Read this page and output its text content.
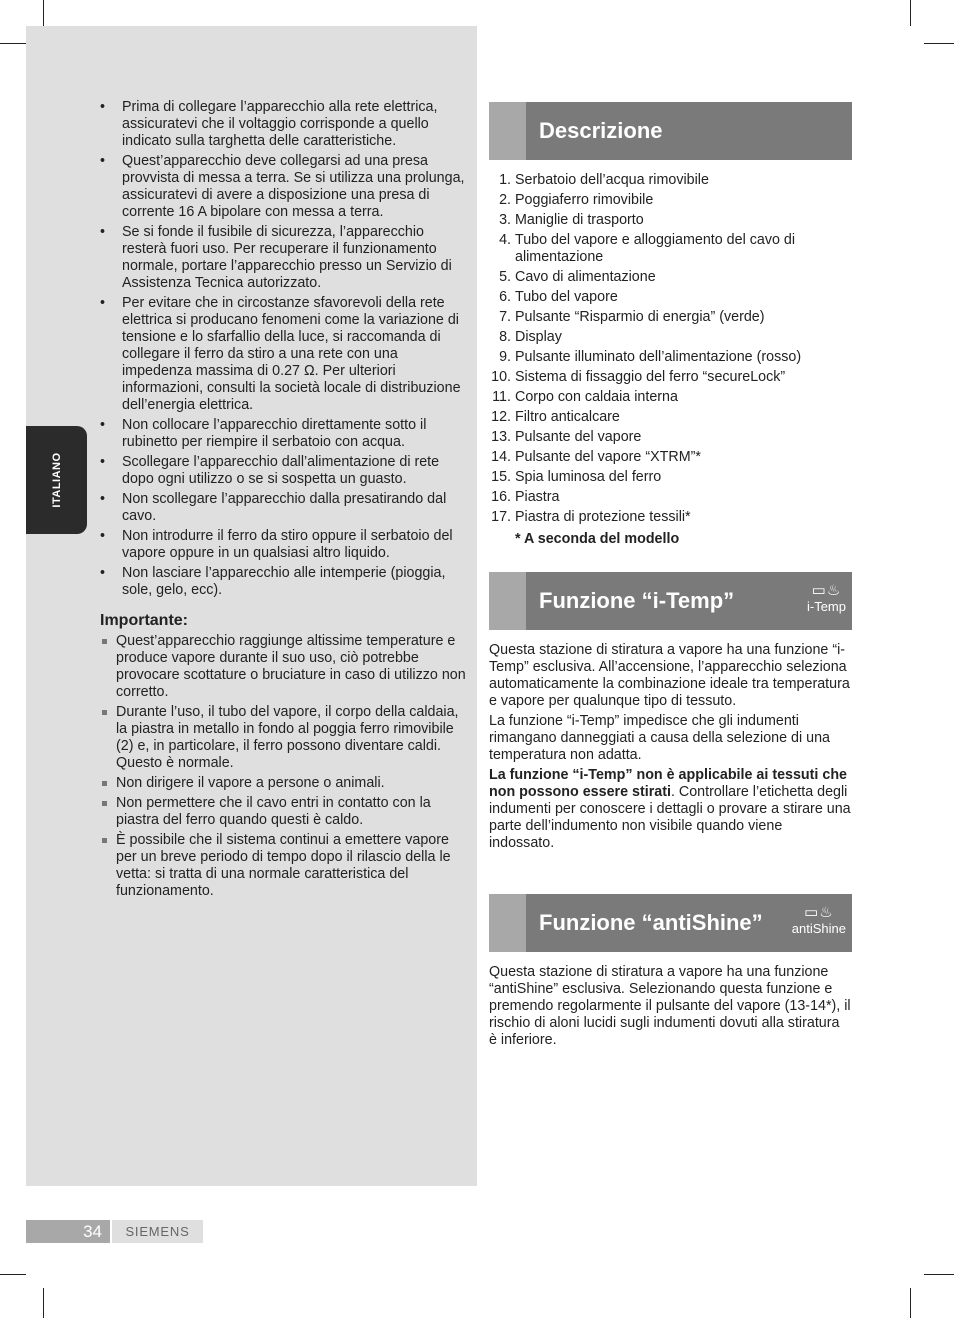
ITALIANO
• Prima di collegare l’apparecchio alla rete elettrica, assicuratevi che il voltaggio corrisponde a quello indicato sulla targhetta delle caratteristiche.
• Quest’apparecchio deve collegarsi ad una presa provvista di messa a terra. Se si utilizza una prolunga, assicuratevi di avere a disposizione una presa di corrente 16 A bipolare con messa a terra.
• Se si fonde il fusibile di sicurezza, l’apparecchio resterà fuori uso. Per recuperare il funzionamento normale, portare l’apparecchio presso un Servizio di Assistenza Tecnica autorizzato.
• Per evitare che in circostanze sfavorevoli della rete elettrica si producano fenomeni come la variazione di tensione e lo sfarfallio della luce, si raccomanda di collegare il ferro da stiro a una rete con una impedenza massima di 0.27 Ω. Per ulteriori informazioni, consulti la società locale di distribuzione dell’energia elettrica.
• Non collocare l’apparecchio direttamente sotto il rubinetto per riempire il serbatoio con acqua.
• Scollegare l’apparecchio dall’alimentazione di rete dopo ogni utilizzo o se si sospetta un guasto.
• Non scollegare l’apparecchio dalla presatirando dal cavo.
• Non introdurre il ferro da stiro oppure il serbatoio del vapore oppure in un qualsiasi altro liquido.
• Non lasciare l’apparecchio alle intemperie (pioggia, sole, gelo, ecc).
Importante:
Quest’apparecchio raggiunge altissime temperature e produce vapore durante il suo uso, ciò potrebbe provocare scottature o bruciature in caso di utilizzo non corretto.
Durante l’uso, il tubo del vapore, il corpo della caldaia, la piastra in metallo in fondo al poggia ferro rimovibile (2) e, in particolare, il ferro possono diventare caldi. Questo è normale.
Non dirigere il vapore a persone o animali.
Non permettere che il cavo entri in contatto con la piastra del ferro quando questi è caldo.
È possibile che il sistema continui a emettere vapore per un breve periodo di tempo dopo il rilascio della le vetta: si tratta di una normale caratteristica del funzionamento.
Descrizione
1. Serbatoio dell’acqua rimovibile
2. Poggiaferro rimovibile
3. Maniglie di trasporto
4. Tubo del vapore e alloggiamento del cavo di alimentazione
5. Cavo di alimentazione
6. Tubo del vapore
7. Pulsante “Risparmio di energia” (verde)
8. Display
9. Pulsante illuminato dell’alimentazione (rosso)
10. Sistema di fissaggio del ferro “secureLock”
11. Corpo con caldaia interna
12. Filtro anticalcare
13. Pulsante del vapore
14. Pulsante del vapore “XTRM”*
15. Spia luminosa del ferro
16. Piastra
17. Piastra di protezione tessili*
* A seconda del modello
Funzione “i-Temp”	▭♨
i-Temp

Questa stazione di stiratura a vapore ha una funzione “i-Temp” esclusiva. All’accensione, l’apparecchio seleziona automaticamente la combinazione ideale tra temperatura e vapore per qualunque tipo di tessuto.

La funzione “i-Temp” impedisce che gli indumenti rimangano danneggiati a causa della selezione di una temperatura non adatta.

La funzione “i-Temp” non è applicabile ai tessuti che non possono essere stirati. Controllare l’etichetta degli indumenti per conoscere i dettagli o provare a stirare una parte dell’indumento non visibile quando viene indossato.

Funzione “antiShine”	▭♨
antiShine

Questa stazione di stiratura a vapore ha una funzione “antiShine” esclusiva. Selezionando questa funzione e premendo regolarmente il pulsante del vapore (13-14*), il rischio di aloni lucidi sugli indumenti dovuti alla stiratura è inferiore.

34	SIEMENS
